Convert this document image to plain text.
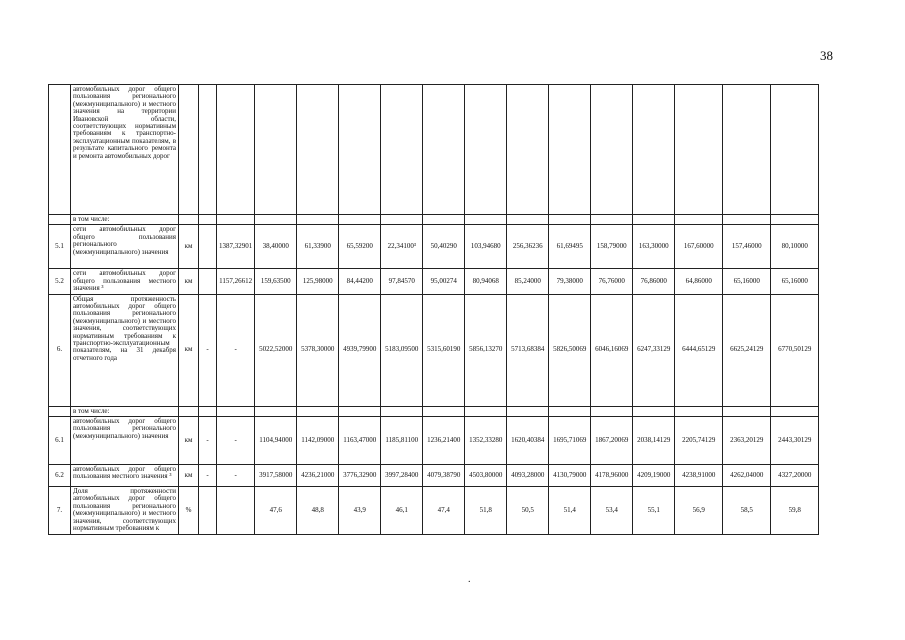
38
	автомобильных дорог общего пользования регионального (межмуниципального) и местного значения на территории Ивановской области, соответствующих нормативным требованиям к транспортно-эксплуатационным показателям, в результате капитального ремонта и ремонта автомобильных дорог																
	в том числе:																
5.1	сети автомобильных дорог общего пользования регионального (межмуниципального) значения	км		1387,32901	38,40000	61,33900	65,59200	22,34100³	50,40290	103,94680	256,36236	61,69495	158,79000	163,30000	167,60000	157,46000	80,10000
5.2	сети автомобильных дорог общего пользования местного значения ³	км		1157,26612	159,63500	125,98000	84,44200	97,84570	95,00274	80,94068	85,24000	79,38000	76,76000	76,86000	64,86000	65,16000	65,16000
6.	Общая протяженность автомобильных дорог общего пользования регионального (межмуниципального) и местного значения, соответствующих нормативным требованиям к транспортно-эксплуатационным показателям, на 31 декабря отчетного года	км	-	-	5022,52000	5378,30000	4939,79900	5183,09500	5315,60190	5856,13270	5713,68384	5826,50069	6046,16069	6247,33129	6444,65129	6625,24129	6770,50129
	в том числе:																
6.1	автомобильных дорог общего пользования регионального (межмуниципального) значения	км	-	-	1104,94000	1142,09000	1163,47000	1185,81100	1236,21400	1352,33280	1620,40384	1695,71069	1867,20069	2038,14129	2205,74129	2363,20129	2443,30129
6.2	автомобильных дорог общего пользования местного значения ³	км	-	-	3917,58000	4236,21000	3776,32900	3997,28400	4079,38790	4503,80000	4093,28000	4130,79000	4178,96000	4209,19000	4238,91000	4262,04000	4327,20000
7.	Доля протяженности автомобильных дорог общего пользования регионального (межмуниципального) и местного значения, соответствующих нормативным требованиям к	%			47,6	48,8	43,9	46,1	47,4	51,8	50,5	51,4	53,4	55,1	56,9	58,5	59,8
.
